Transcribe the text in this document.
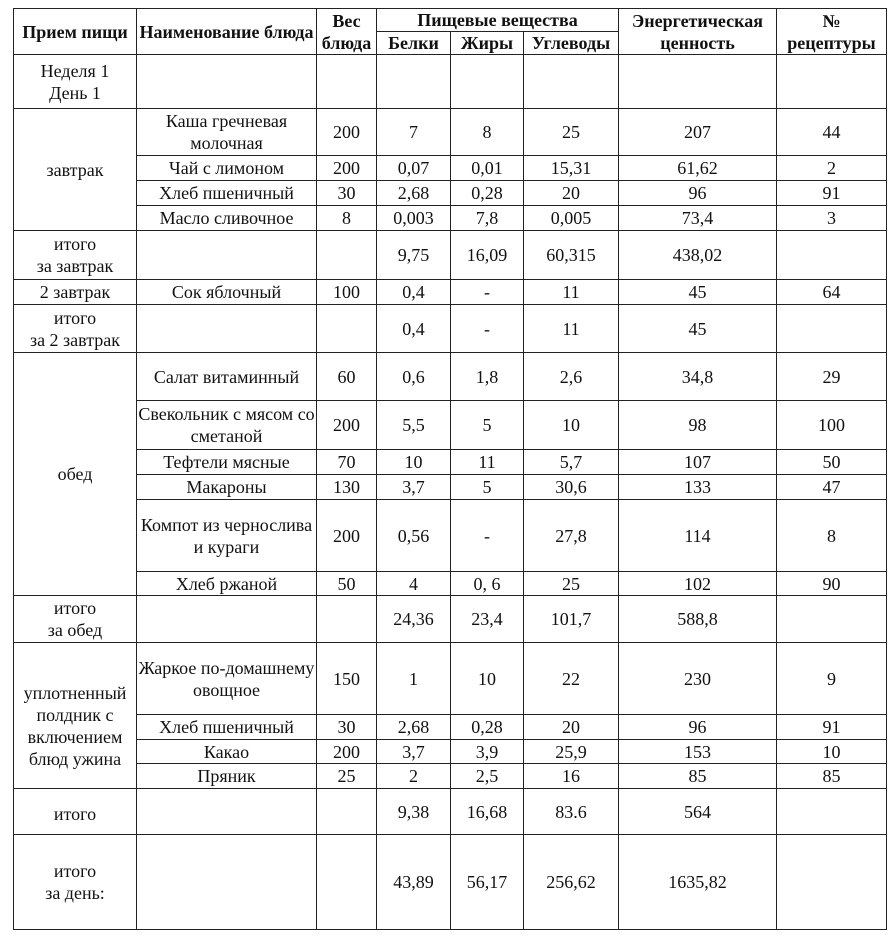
Прием пищи	Наименование блюда	Вес блюда	Пищевые вещества			Энергетическая ценность	№ рецептуры
			Белки	Жиры	Углеводы		

Неделя 1
День 1							

завтрак	Каша гречневая молочная	200	7	8	25	207	44
	Чай с лимоном	200	0,07	0,01	15,31	61,62	2
	Хлеб пшеничный	30	2,68	0,28	20	96	91
	Масло сливочное	8	0,003	7,8	0,005	73,4	3

итого
за завтрак			9,75	16,09	60,315	438,02	
2 завтрак	Сок яблочный	100	0,4	-	11	45	64

итого
за 2 завтрак			0,4	-	11	45	
обед	Салат витаминный	60	0,6	1,8	2,6	34,8	29
	Свекольник с мясом со сметаной	200	5,5	5	10	98	100
	Тефтели мясные	70	10	11	5,7	107	50
	Макароны	130	3,7	5	30,6	133	47
	Компот из чернослива и кураги	200	0,56	-	27,8	114	8
	Хлеб ржаной	50	4	0, 6	25	102	90

итого
за обед			24,36	23,4	101,7	588,8	
уплотненный полдник с включением блюд ужина	Жаркое по-домашнему овощное	150	1	10	22	230	9
	Хлеб пшеничный	30	2,68	0,28	20	96	91
	Какао	200	3,7	3,9	25,9	153	10
	Пряник	25	2	2,5	16	85	85
итого			9,38	16,68	83.6	564	

итого
за день:			43,89	56,17	256,62	1635,82	
